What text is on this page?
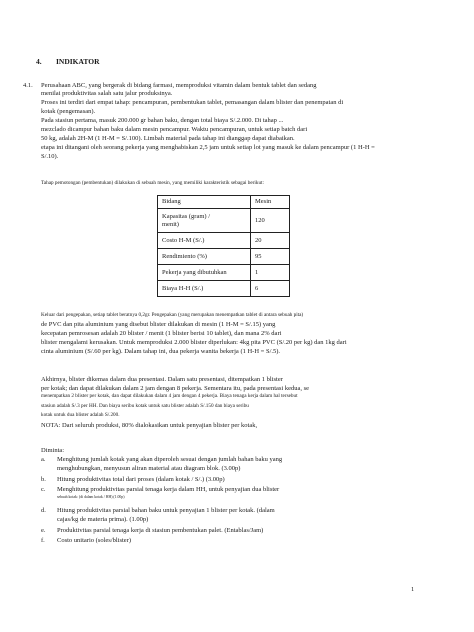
4. INDIKATOR
4.1. Perusahaan ABC, yang bergerak di bidang farmasi, memproduksi vitamin dalam bentuk tablet dan sedang
menilai produktivitas salah satu jalur produksinya.
Proses ini terdiri dari empat tahap: pencampuran, pembentukan tablet, pemasangan dalam blister dan penempatan di
kotak (pengemasan).
Pada stasiun pertama, masuk 200.000 gr bahan baku, dengan total biaya S/.2.000. Di tahap ...
mezclado dicampur bahan baku dalam mesin pencampur. Waktu pencampuran, untuk setiap batch dari
50 kg, adalah 2H-M (1 H-M = S/.100). Limbah material pada tahap ini dianggap dapat diabaikan.
etapa ini ditangani oleh seorang pekerja yang menghabiskan 2,5 jam untuk setiap lot yang masuk ke dalam pencampur (1 H-H =
S/.10).
Tahap pemotongan (pembentukan) dilakukan di sebuah mesin, yang memiliki karakteristik sebagai berikut:
Bidang	Mesin

Kapasitas (gram) /
menit)	120
Costo H-M (S/.)	20
Rendimiento (%)	95
Pekerja yang dibutuhkan	1
Biaya H-H (S/.)	6
Keluar dari pengepakan, setiap tablet beratnya 0,2gr. Pengepakan (yang merupakan menempatkan tablet di antara sebuah pita)
de PVC dan pita aluminium yang disebut blister dilakukan di mesin (1 H-M = S/.15) yang
kecepatan pemrosesan adalah 20 blister / menit (1 blister berisi 10 tablet), dan mana 2% dari
blister mengalami kerusakan. Untuk memproduksi 2.000 blister diperlukan: 4kg pita PVC (S/.20 per kg) dan 1kg dari
cinta aluminium (S/.60 per kg). Dalam tahap ini, dua pekerja wanita bekerja (1 H-H = S/.5).
Akhirnya, blister dikemas dalam dua presentasi. Dalam satu presentasi, ditempatkan 1 blister
per kotak; dan dapat dilakukan dalam 2 jam dengan 8 pekerja. Sementara itu, pada presentasi kedua, se
menempatkan 2 blister per kotak, dan dapat dilakukan dalam 4 jam dengan 4 pekerja. Biaya tenaga kerja dalam hal tersebut
stasiun adalah S/.3 per HH. Dan biaya seribu kotak untuk satu blister adalah S/.150 dan biaya seribu
kotak untuk dua blister adalah S/.200.
NOTA: Dari seluruh produksi, 80% dialokasikan untuk penyajian blister per kotak,
Diminta:
a. Menghitung jumlah kotak yang akan diperoleh sesuai dengan jumlah bahan baku yang
menghubungkan, menyusun aliran material atau diagram blok. (3.00p)
b. Hitung produktivitas total dari proses (dalam kotak / S/.) (3.00p)
c. Menghitung produktivitas parsial tenaga kerja dalam HH, untuk penyajian dua blister
sebuah kotak: (di dalam kotak / HH) (1.00p)
d. Hitung produktivitas parsial bahan baku untuk penyajian 1 blister per kotak. (dalam
cajas/kg de materia prima). (1.00p)
e. Produktivitas parsial tenaga kerja di stasiun pembentukan palet. (Entablas/Jam)
f. Costo unitario (soles/blister)
1
